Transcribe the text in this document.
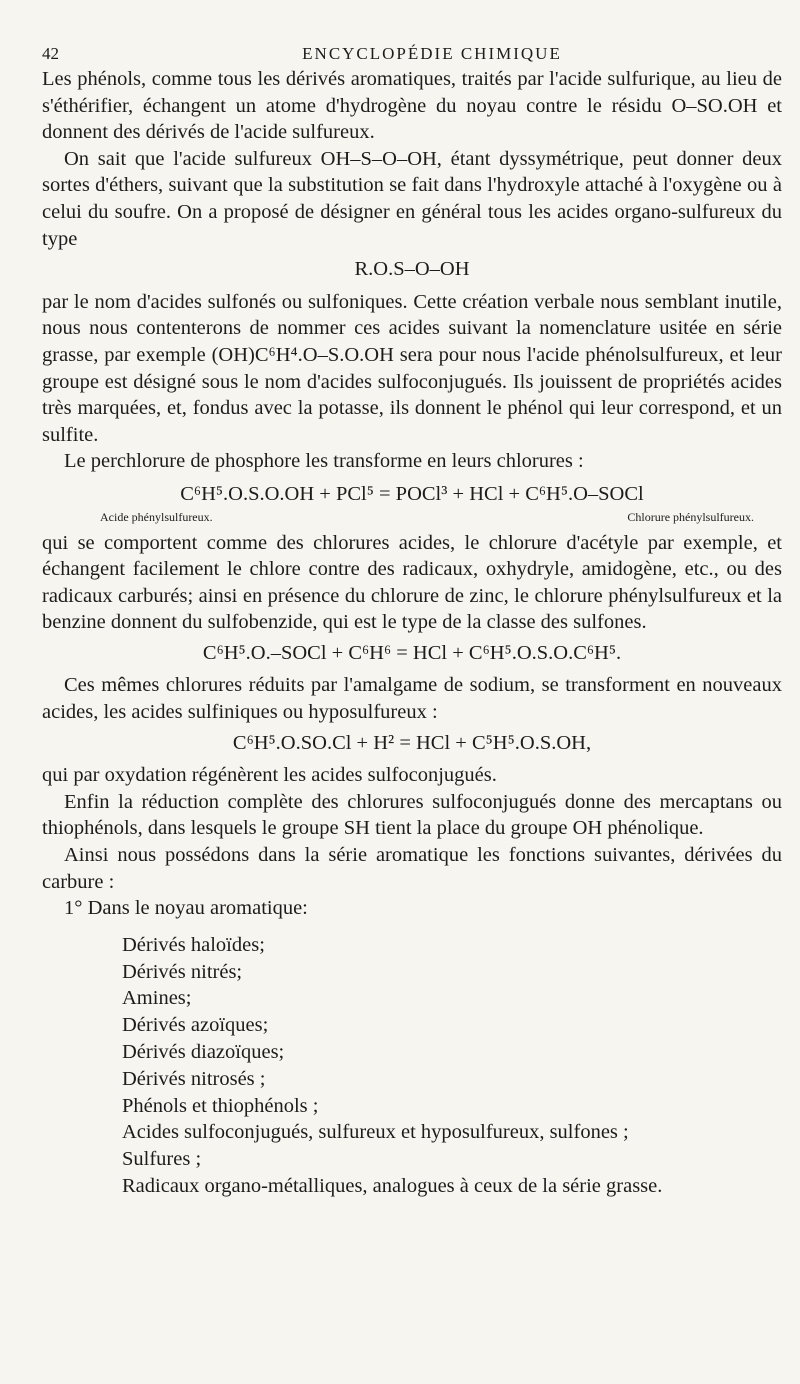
42	ENCYCLOPÉDIE CHIMIQUE

Les phénols, comme tous les dérivés aromatiques, traités par l'acide sulfurique, au lieu de s'éthérifier, échangent un atome d'hydrogène du noyau contre le résidu O–SO.OH et donnent des dérivés de l'acide sulfureux.

On sait que l'acide sulfureux OH–S–O–OH, étant dyssymétrique, peut donner deux sortes d'éthers, suivant que la substitution se fait dans l'hydroxyle attaché à l'oxygène ou à celui du soufre. On a proposé de désigner en général tous les acides organo-sulfureux du type

R.O.S–O–OH

par le nom d'acides sulfonés ou sulfoniques. Cette création verbale nous semblant inutile, nous nous contenterons de nommer ces acides suivant la nomenclature usitée en série grasse, par exemple (OH)C⁶H⁴.O–S.O.OH sera pour nous l'acide phénolsulfureux, et leur groupe est désigné sous le nom d'acides sulfoconjugués. Ils jouissent de propriétés acides très marquées, et, fondus avec la potasse, ils donnent le phénol qui leur correspond, et un sulfite.

Le perchlorure de phosphore les transforme en leurs chlorures :

C⁶H⁵.O.S.O.OH + PCl⁵ = POCl³ + HCl + C⁶H⁵.O–SOCl
Acide phénylsulfureux.	Chlorure phénylsulfureux.

qui se comportent comme des chlorures acides, le chlorure d'acétyle par exemple, et échangent facilement le chlore contre des radicaux, oxhydryle, amidogène, etc., ou des radicaux carburés; ainsi en présence du chlorure de zinc, le chlorure phénylsulfureux et la benzine donnent du sulfobenzide, qui est le type de la classe des sulfones.

C⁶H⁵.O.–SOCl + C⁶H⁶ = HCl + C⁶H⁵.O.S.O.C⁶H⁵.

Ces mêmes chlorures réduits par l'amalgame de sodium, se transforment en nouveaux acides, les acides sulfiniques ou hyposulfureux :

C⁶H⁵.O.SO.Cl + H² = HCl + C⁵H⁵.O.S.OH,

qui par oxydation régénèrent les acides sulfoconjugués.

Enfin la réduction complète des chlorures sulfoconjugués donne des mercaptans ou thiophénols, dans lesquels le groupe SH tient la place du groupe OH phénolique.

Ainsi nous possédons dans la série aromatique les fonctions suivantes, dérivées du carbure :

1° Dans le noyau aromatique:

Dérivés haloïdes;
Dérivés nitrés;
Amines;
Dérivés azoïques;
Dérivés diazoïques;
Dérivés nitrosés ;
Phénols et thiophénols ;
Acides sulfoconjugués, sulfureux et hyposulfureux, sulfones ;
Sulfures ;
Radicaux organo-métalliques, analogues à ceux de la série grasse.
